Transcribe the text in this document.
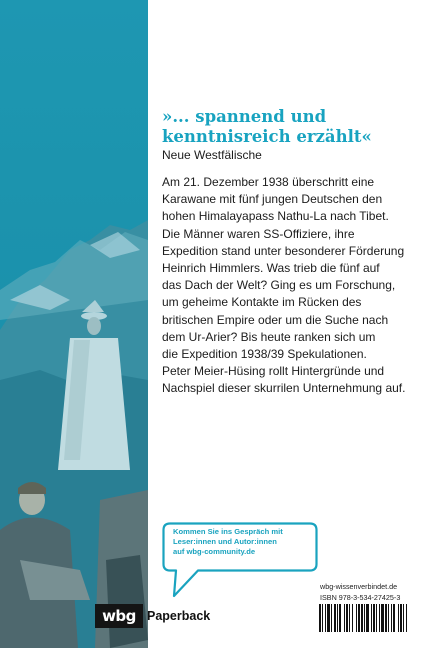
»... spannend und
kenntnisreich erzählt«

Neue Westfälische
Am 21. Dezember 1938 überschritt eine
Karawane mit fünf jungen Deutschen den
hohen Himalayapass Nathu-La nach Tibet.
Die Männer waren SS-Offiziere, ihre
Expedition stand unter besonderer Förderung
Heinrich Himmlers. Was trieb die fünf auf
das Dach der Welt? Ging es um Forschung,
um geheime Kontakte im Rücken des
britischen Empire oder um die Suche nach
dem Ur-Arier? Bis heute ranken sich um
die Expedition 1938/39 Spekulationen.
Peter Meier-Hüsing rollt Hintergründe und
Nachspiel dieser skurrilen Unternehmung auf.
Kommen Sie ins Gespräch mit
Leser:innen und Autor:innen
auf wbg-community.de
wbg Paperback
wbg-wissenverbindet.de
ISBN 978-3-534-27425-3
